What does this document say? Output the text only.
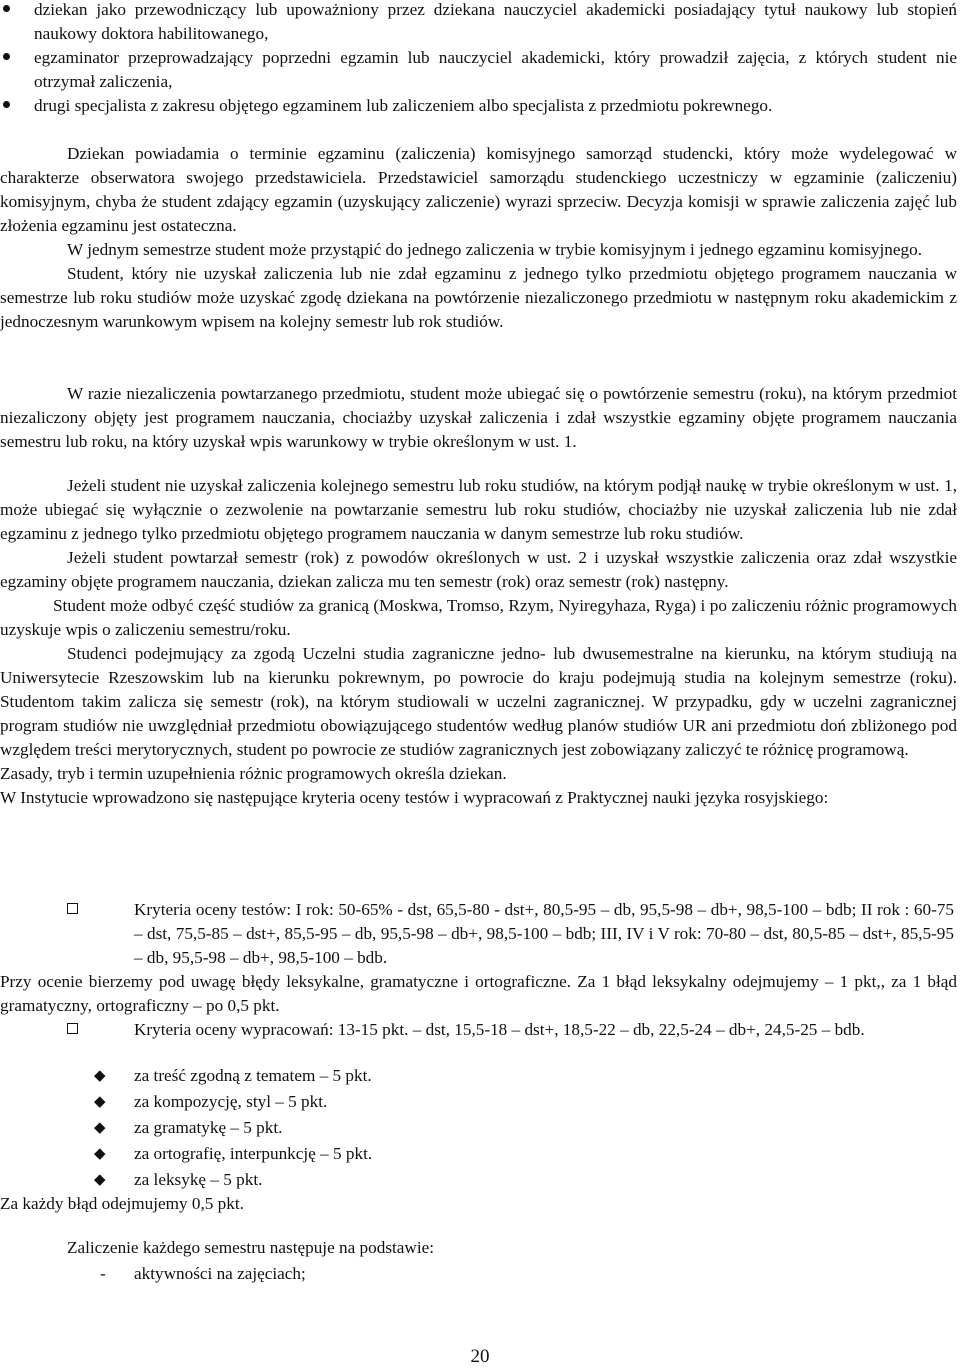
dziekan jako przewodniczący lub upoważniony przez dziekana nauczyciel akademicki posiadający tytuł naukowy lub stopień naukowy doktora habilitowanego,
egzaminator przeprowadzający poprzedni egzamin lub nauczyciel akademicki, który prowadził zajęcia, z których student nie otrzymał zaliczenia,
drugi specjalista z zakresu objętego egzaminem lub zaliczeniem albo specjalista z przedmiotu pokrewnego.

Dziekan powiadamia o terminie egzaminu (zaliczenia) komisyjnego samorząd studencki, który może wydelegować w charakterze obserwatora swojego przedstawiciela. Przedstawiciel samorządu studenckiego uczestniczy w egzaminie (zaliczeniu) komisyjnym, chyba że student zdający egzamin (uzyskujący zaliczenie) wyrazi sprzeciw. Decyzja komisji w sprawie zaliczenia zajęć lub złożenia egzaminu jest ostateczna.

W jednym semestrze student może przystąpić do jednego zaliczenia w trybie komisyjnym i jednego egzaminu komisyjnego.

Student, który nie uzyskał zaliczenia lub nie zdał egzaminu z jednego tylko przedmiotu objętego programem nauczania w semestrze lub roku studiów może uzyskać zgodę dziekana na powtórzenie niezaliczonego przedmiotu w następnym roku akademickim z jednoczesnym warunkowym wpisem na kolejny semestr lub rok studiów.

W razie niezaliczenia powtarzanego przedmiotu, student może ubiegać się o powtórzenie semestru (roku), na którym przedmiot niezaliczony objęty jest programem nauczania, chociażby uzyskał zaliczenia i zdał wszystkie egzaminy objęte programem nauczania semestru lub roku, na który uzyskał wpis warunkowy w trybie określonym w ust. 1.

Jeżeli student nie uzyskał zaliczenia kolejnego semestru lub roku studiów, na którym podjął naukę w trybie określonym w ust. 1, może ubiegać się wyłącznie o zezwolenie na powtarzanie semestru lub roku studiów, chociażby nie uzyskał zaliczenia lub nie zdał egzaminu z jednego tylko przedmiotu objętego programem nauczania w danym semestrze lub roku studiów.

Jeżeli student powtarzał semestr (rok) z powodów określonych w ust. 2 i uzyskał wszystkie zaliczenia oraz zdał wszystkie egzaminy objęte programem nauczania, dziekan zalicza mu ten semestr (rok) oraz semestr (rok) następny.

Student może odbyć część studiów za granicą (Moskwa, Tromso, Rzym, Nyiregyhaza, Ryga) i po zaliczeniu różnic programowych uzyskuje wpis o zaliczeniu semestru/roku.

Studenci podejmujący za zgodą Uczelni studia zagraniczne jedno- lub dwusemestralne na kierunku, na którym studiują na Uniwersytecie Rzeszowskim lub na kierunku pokrewnym, po powrocie do kraju podejmują studia na kolejnym semestrze (roku). Studentom takim zalicza się semestr (rok), na którym studiowali w uczelni zagranicznej. W przypadku, gdy w uczelni zagranicznej program studiów nie uwzględniał przedmiotu obowiązującego studentów według planów studiów UR ani przedmiotu doń zbliżonego pod względem treści merytorycznych, student po powrocie ze studiów zagranicznych jest zobowiązany zaliczyć te różnicę programową.

Zasady, tryb i termin uzupełnienia różnic programowych określa dziekan.

W Instytucie wprowadzono się następujące kryteria oceny testów i wypracowań z Praktycznej nauki języka rosyjskiego:

Kryteria oceny testów: I rok: 50-65% - dst, 65,5-80 - dst+, 80,5-95 – db, 95,5-98 – db+, 98,5-100 – bdb; II rok : 60-75 – dst, 75,5-85 – dst+, 85,5-95 – db, 95,5-98 – db+, 98,5-100 – bdb; III, IV i V rok: 70-80 – dst, 80,5-85 – dst+, 85,5-95 – db, 95,5-98 – db+, 98,5-100 – bdb.

Przy ocenie bierzemy pod uwagę błędy leksykalne, gramatyczne i ortograficzne. Za 1 błąd leksykalny odejmujemy – 1 pkt,, za 1 błąd gramatyczny, ortograficzny – po 0,5 pkt.

Kryteria oceny wypracowań: 13-15 pkt. – dst, 15,5-18 – dst+, 18,5-22 – db, 22,5-24 – db+, 24,5-25 – bdb.
◆ za treść zgodną z tematem – 5 pkt.
◆ za kompozycję, styl – 5 pkt.
◆ za gramatykę – 5 pkt.
◆ za ortografię, interpunkcję – 5 pkt.
◆ za leksykę – 5 pkt.

Za każdy błąd odejmujemy 0,5 pkt.

Zaliczenie każdego semestru następuje na podstawie:

- aktywności na zajęciach;
20
